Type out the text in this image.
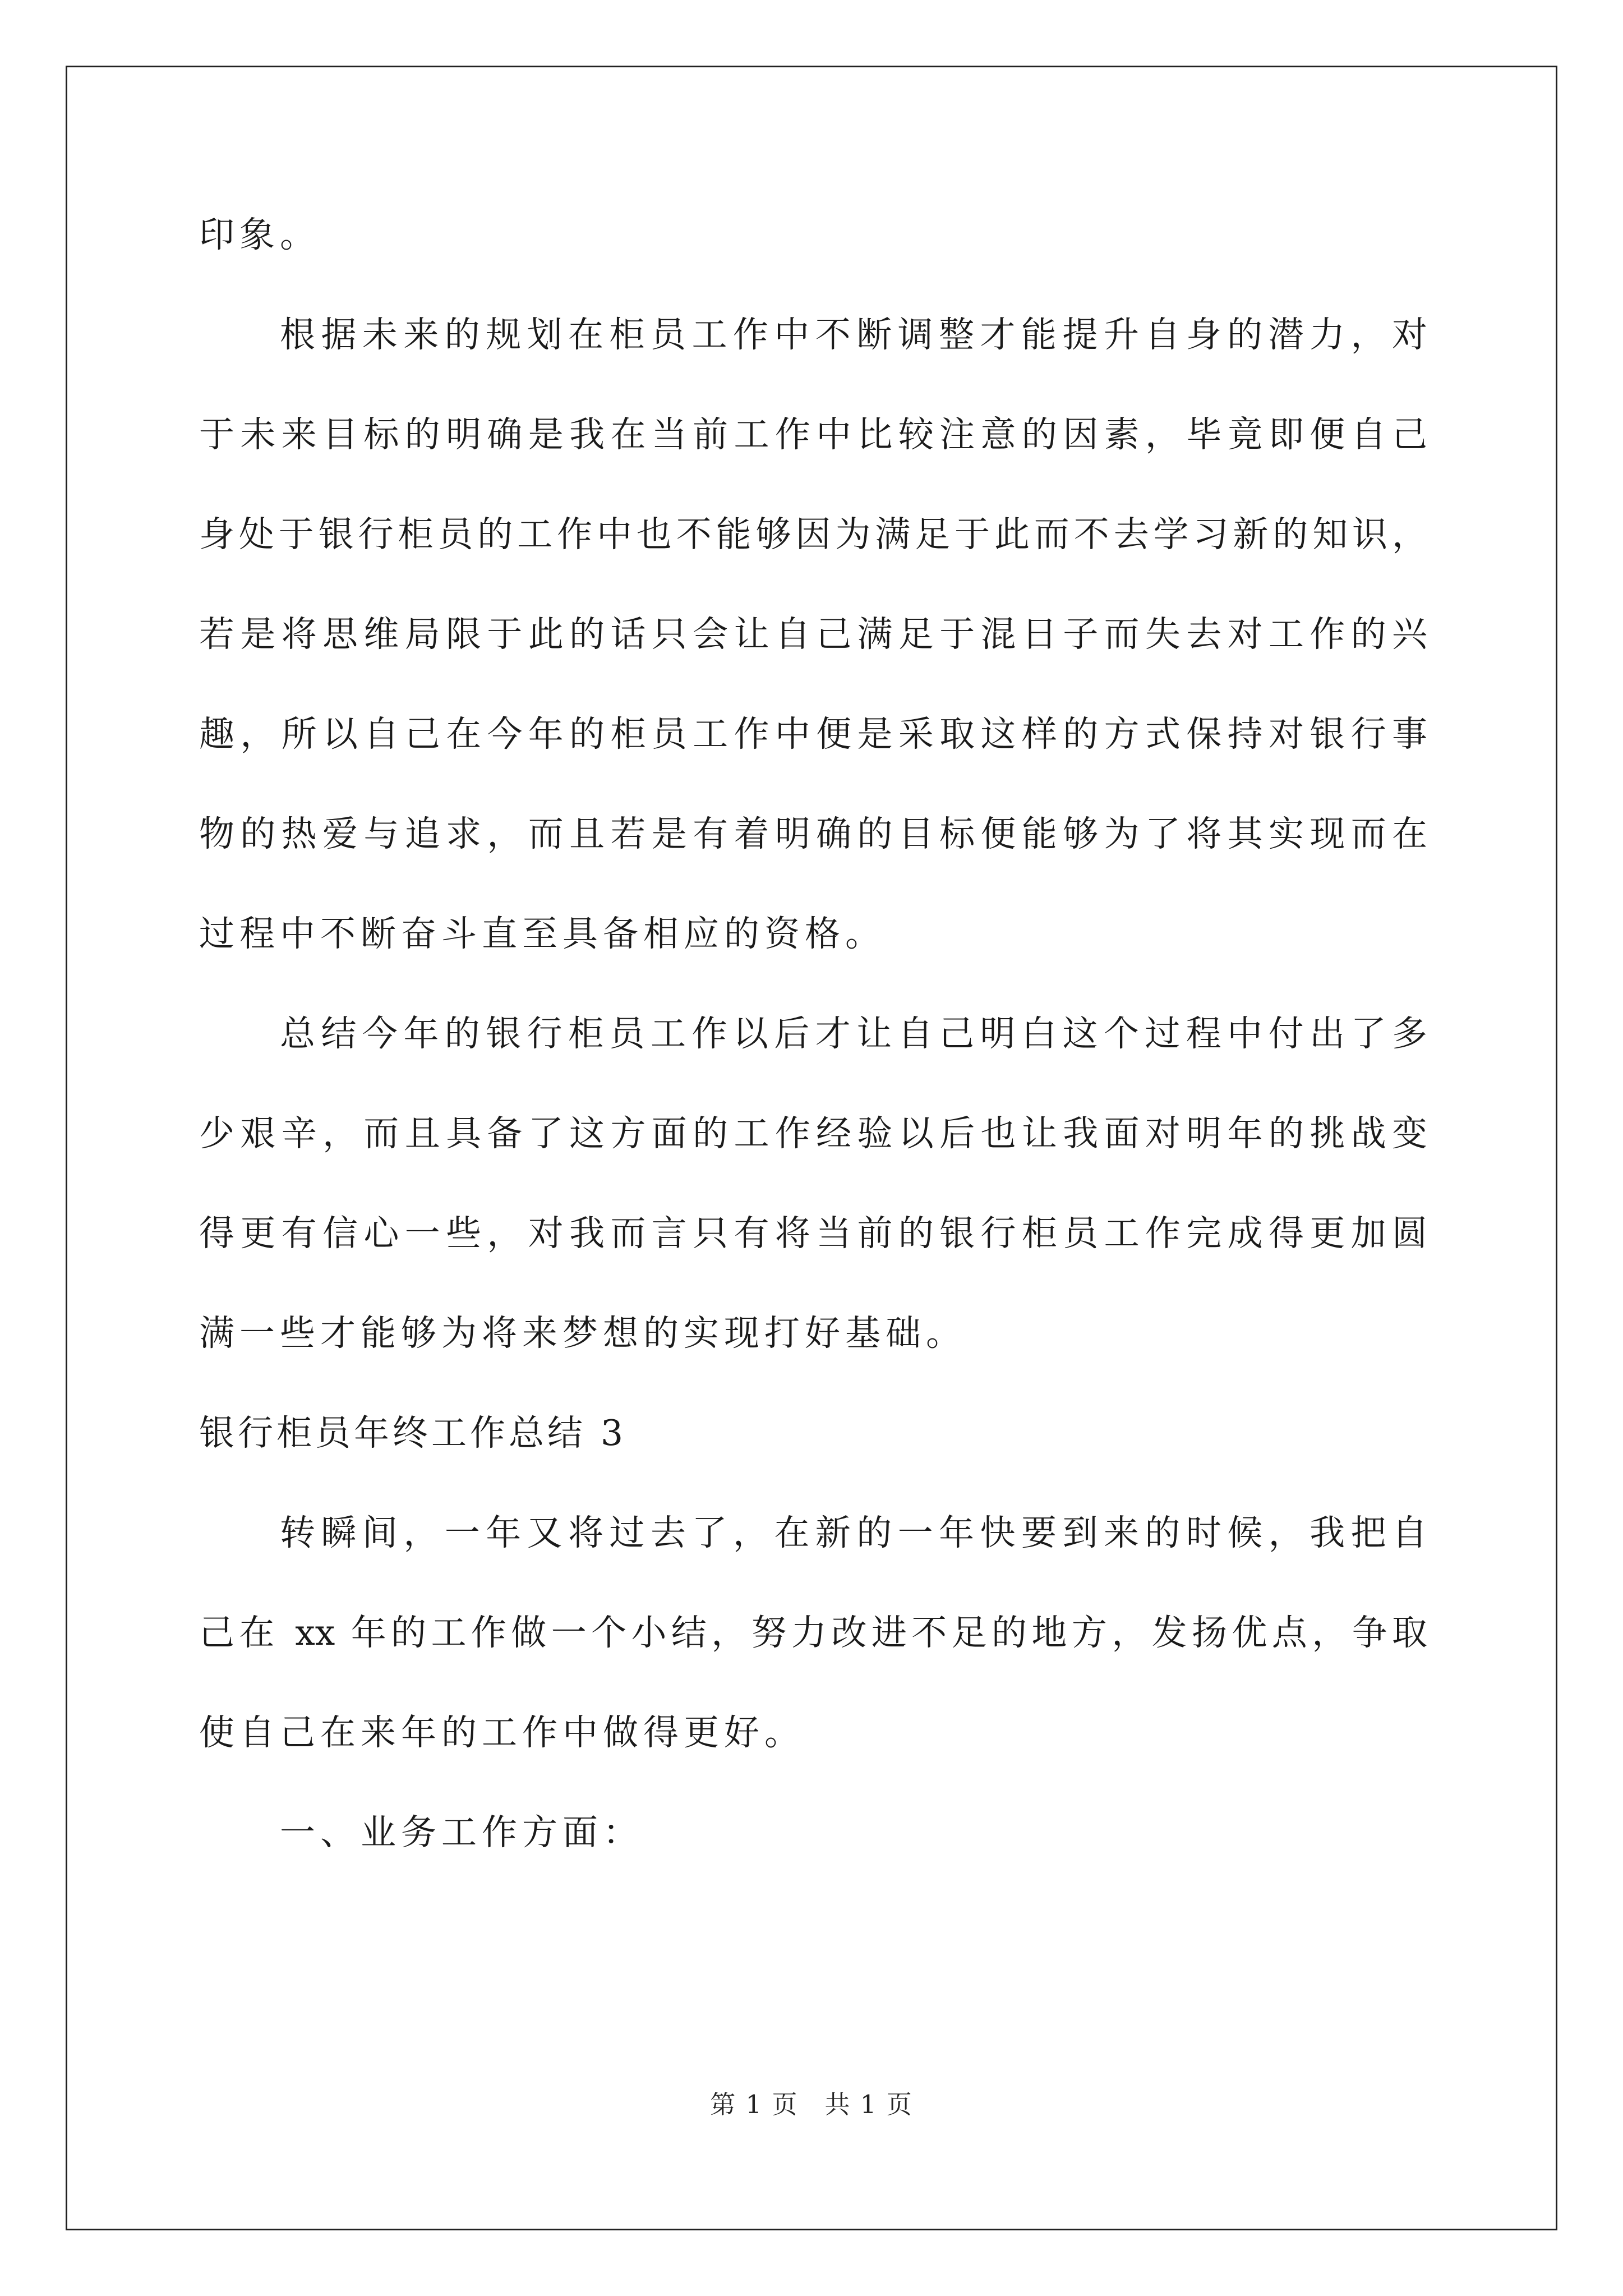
印象。
根据未来的规划在柜员工作中不断调整才能提升自身的潜力，对
于未来目标的明确是我在当前工作中比较注意的因素，毕竟即便自己
身处于银行柜员的工作中也不能够因为满足于此而不去学习新的知识，
若是将思维局限于此的话只会让自己满足于混日子而失去对工作的兴
趣，所以自己在今年的柜员工作中便是采取这样的方式保持对银行事
物的热爱与追求，而且若是有着明确的目标便能够为了将其实现而在
过程中不断奋斗直至具备相应的资格。
总结今年的银行柜员工作以后才让自己明白这个过程中付出了多
少艰辛，而且具备了这方面的工作经验以后也让我面对明年的挑战变
得更有信心一些，对我而言只有将当前的银行柜员工作完成得更加圆
满一些才能够为将来梦想的实现打好基础。
银行柜员年终工作总结 3
转瞬间，一年又将过去了，在新的一年快要到来的时候，我把自
己在 xx 年的工作做一个小结，努力改进不足的地方，发扬优点，争取
使自己在来年的工作中做得更好。
一、业务工作方面：
第 1 页　共 1 页
